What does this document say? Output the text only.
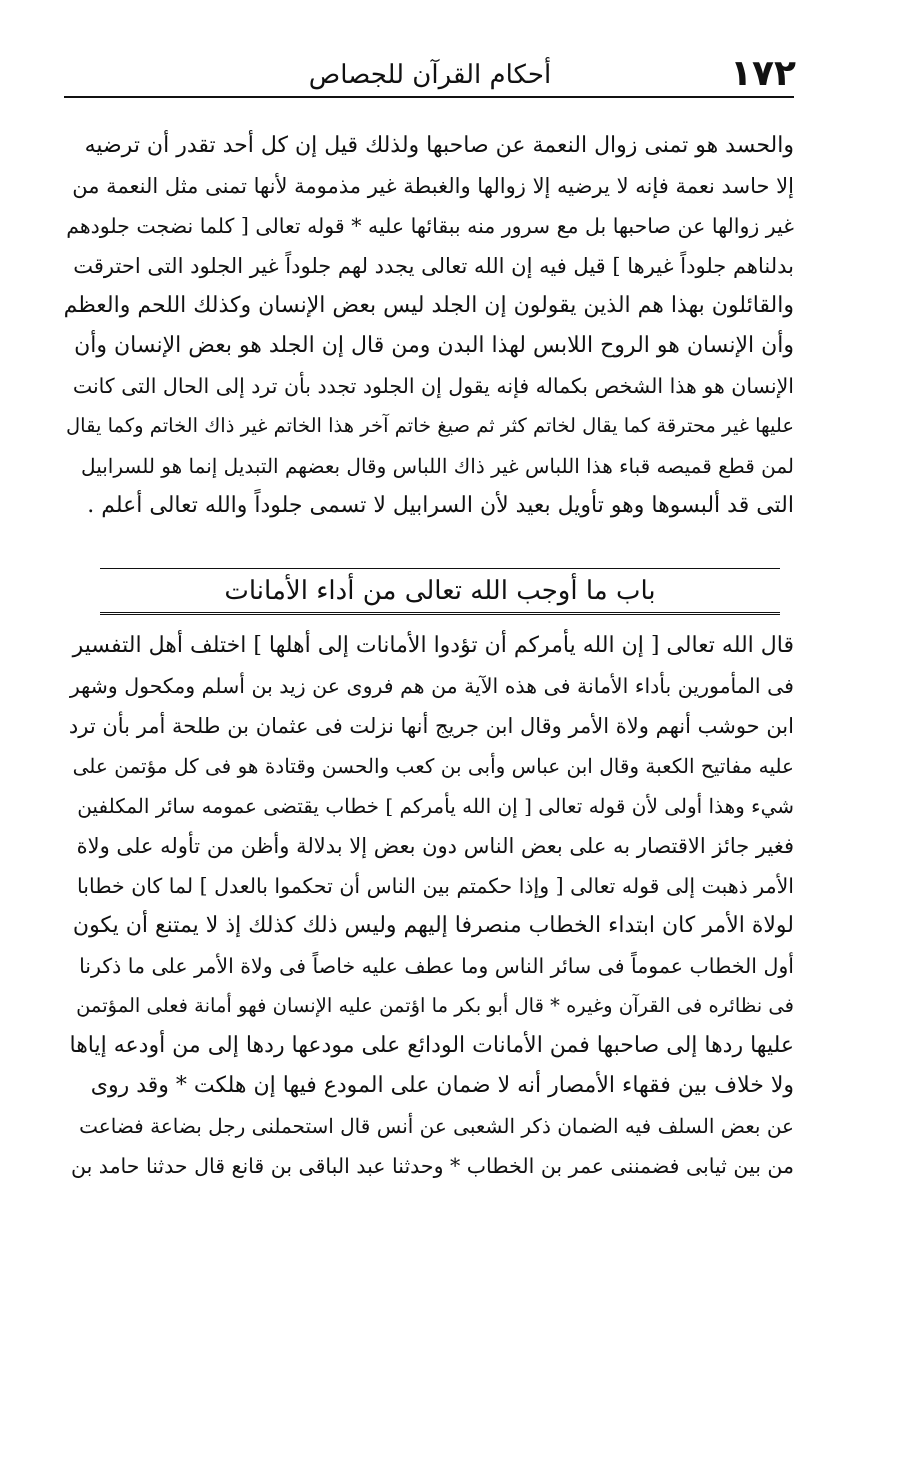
١٧٢
أحكام القرآن للجصاص

والحسد هو تمنى زوال النعمة عن صاحبها ولذلك قيل إن كل أحد تقدر أن ترضيه

إلا حاسد نعمة فإنه لا يرضيه إلا زوالها والغبطة غير مذمومة لأنها تمنى مثل النعمة من

غير زوالها عن صاحبها بل مع سرور منه ببقائها عليه * قوله تعالى [ كلما نضجت جلودهم

بدلناهم جلوداً غيرها ] قيل فيه إن الله تعالى يجدد لهم جلوداً غير الجلود التى احترقت

والقائلون بهذا هم الذين يقولون إن الجلد ليس بعض الإنسان وكذلك اللحم والعظم

وأن الإنسان هو الروح اللابس لهذا البدن ومن قال إن الجلد هو بعض الإنسان وأن

الإنسان هو هذا الشخص بكماله فإنه يقول إن الجلود تجدد بأن ترد إلى الحال التى كانت

عليها غير محترقة كما يقال لخاتم كثر ثم صيغ خاتم آخر هذا الخاتم غير ذاك الخاتم وكما يقال

لمن قطع قميصه قباء هذا اللباس غير ذاك اللباس وقال بعضهم التبديل إنما هو للسرابيل

التى قد ألبسوها وهو تأويل بعيد لأن السرابيل لا تسمى جلوداً والله تعالى أعلم .

باب ما أوجب الله تعالى من أداء الأمانات

قال الله تعالى [ إن الله يأمركم أن تؤدوا الأمانات إلى أهلها ] اختلف أهل التفسير

فى المأمورين بأداء الأمانة فى هذه الآية من هم فروى عن زيد بن أسلم ومكحول وشهر

ابن حوشب أنهم ولاة الأمر وقال ابن جريج أنها نزلت فى عثمان بن طلحة أمر بأن ترد

عليه مفاتيح الكعبة وقال ابن عباس وأبى بن كعب والحسن وقتادة هو فى كل مؤتمن على

شيء وهذا أولى لأن قوله تعالى [ إن الله يأمركم ] خطاب يقتضى عمومه سائر المكلفين

فغير جائز الاقتصار به على بعض الناس دون بعض إلا بدلالة وأظن من تأوله على ولاة

الأمر ذهبت إلى قوله تعالى [ وإذا حكمتم بين الناس أن تحكموا بالعدل ] لما كان خطابا

لولاة الأمر كان ابتداء الخطاب منصرفا إليهم وليس ذلك كذلك إذ لا يمتنع أن يكون

أول الخطاب عموماً فى سائر الناس وما عطف عليه خاصاً فى ولاة الأمر على ما ذكرنا

فى نظائره فى القرآن وغيره * قال أبو بكر ما اؤتمن عليه الإنسان فهو أمانة فعلى المؤتمن

عليها ردها إلى صاحبها فمن الأمانات الودائع على مودعها ردها إلى من أودعه إياها

ولا خلاف بين فقهاء الأمصار أنه لا ضمان على المودع فيها إن هلكت * وقد روى

عن بعض السلف فيه الضمان ذكر الشعبى عن أنس قال استحملنى رجل بضاعة فضاعت

من بين ثيابى فضمننى عمر بن الخطاب * وحدثنا عبد الباقى بن قانع قال حدثنا حامد بن
